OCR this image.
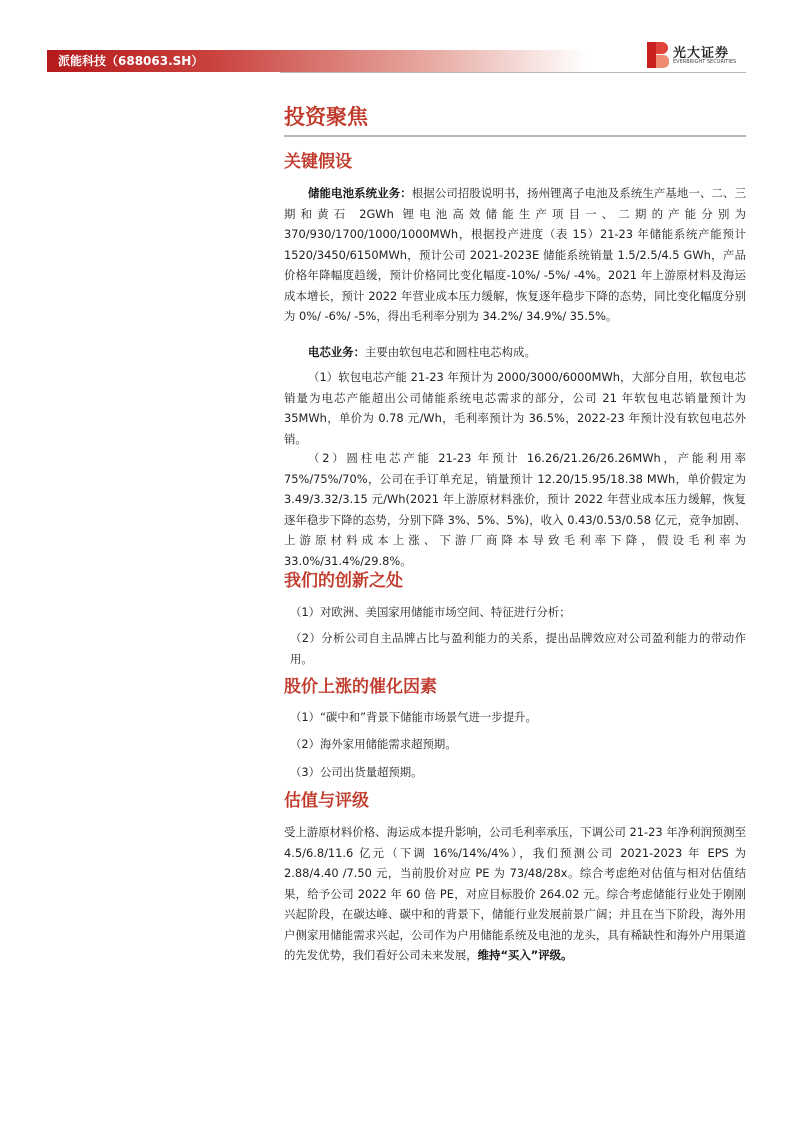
派能科技（688063.SH）	光大证券
EVERBRIGHT SECURITIES
投资聚焦
关键假设

储能电池系统业务：根据公司招股说明书，扬州锂离子电池及系统生产基地一、二、三期和黄石 2GWh 锂电池高效储能生产项目一、二期的产能分别为 370/930/1700/1000/1000MWh，根据投产进度（表 15）21-23 年储能系统产能预计 1520/3450/6150MWh，预计公司 2021-2023E 储能系统销量 1.5/2.5/4.5 GWh，产品价格年降幅度趋缓，预计价格同比变化幅度-10%/ -5%/ -4%。2021 年上游原材料及海运成本增长，预计 2022 年营业成本压力缓解，恢复逐年稳步下降的态势，同比变化幅度分别为 0%/ -6%/ -5%，得出毛利率分别为 34.2%/ 34.9%/ 35.5%。

电芯业务：主要由软包电芯和圆柱电芯构成。

（1）软包电芯产能 21-23 年预计为 2000/3000/6000MWh，大部分自用，软包电芯销量为电芯产能超出公司储能系统电芯需求的部分，公司 21 年软包电芯销量预计为 35MWh，单价为 0.78 元/Wh，毛利率预计为 36.5%，2022-23 年预计没有软包电芯外销。

（2）圆柱电芯产能 21-23 年预计 16.26/21.26/26.26MWh，产能利用率 75%/75%/70%，公司在手订单充足，销量预计 12.20/15.95/18.38 MWh，单价假定为 3.49/3.32/3.15 元/Wh(2021 年上游原材料涨价，预计 2022 年营业成本压力缓解，恢复逐年稳步下降的态势，分别下降 3%、5%、5%)，收入 0.43/0.53/0.58 亿元，竞争加剧、上游原材料成本上涨、下游厂商降本导致毛利率下降，假设毛利率为 33.0%/31.4%/29.8%。

我们的创新之处

（1）对欧洲、美国家用储能市场空间、特征进行分析；

（2）分析公司自主品牌占比与盈利能力的关系，提出品牌效应对公司盈利能力的带动作用。

股价上涨的催化因素

（1）“碳中和”背景下储能市场景气进一步提升。

（2）海外家用储能需求超预期。

（3）公司出货量超预期。

估值与评级

受上游原材料价格、海运成本提升影响，公司毛利率承压，下调公司 21-23 年净利润预测至 4.5/6.8/11.6 亿元（下调 16%/14%/4%），我们预测公司 2021-2023 年 EPS 为 2.88/4.40 /7.50 元，当前股价对应 PE 为 73/48/28x。综合考虑绝对估值与相对估值结果，给予公司 2022 年 60 倍 PE，对应目标股价 264.02 元。综合考虑储能行业处于刚刚兴起阶段，在碳达峰、碳中和的背景下，储能行业发展前景广阔；并且在当下阶段，海外用户侧家用储能需求兴起，公司作为户用储能系统及电池的龙头，具有稀缺性和海外户用渠道的先发优势，我们看好公司未来发展，维持“买入”评级。
